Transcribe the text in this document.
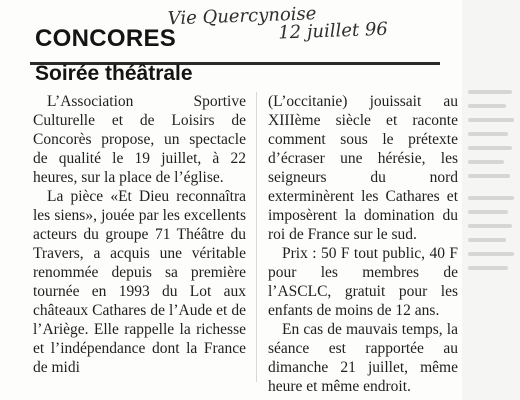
Vie Quercynoise
12 juillet 96
CONCORES
Soirée théâtrale

L’Association Sportive Culturelle et de Loisirs de Concorès propose, un spectacle de qualité le 19 juillet, à 22 heures, sur la place de l’église.

La pièce «Et Dieu reconnaîtra les siens», jouée par les excellents acteurs du groupe 71 Théâtre du Travers, a acquis une véritable renommée depuis sa première tournée en 1993 du Lot aux châteaux Cathares de l’Aude et de l’Ariège. Elle rappelle la richesse et l’indépendance dont la France de midi

(L’occitanie) jouissait au XIIIème siècle et raconte comment sous le prétexte d’écraser une hérésie, les seigneurs du nord exterminèrent les Cathares et imposèrent la domination du roi de France sur le sud.

Prix : 50 F tout public, 40 F pour les membres de l’ASCLC, gratuit pour les enfants de moins de 12 ans.

En cas de mauvais temps, la séance est rapportée au dimanche 21 juillet, même heure et même endroit.
